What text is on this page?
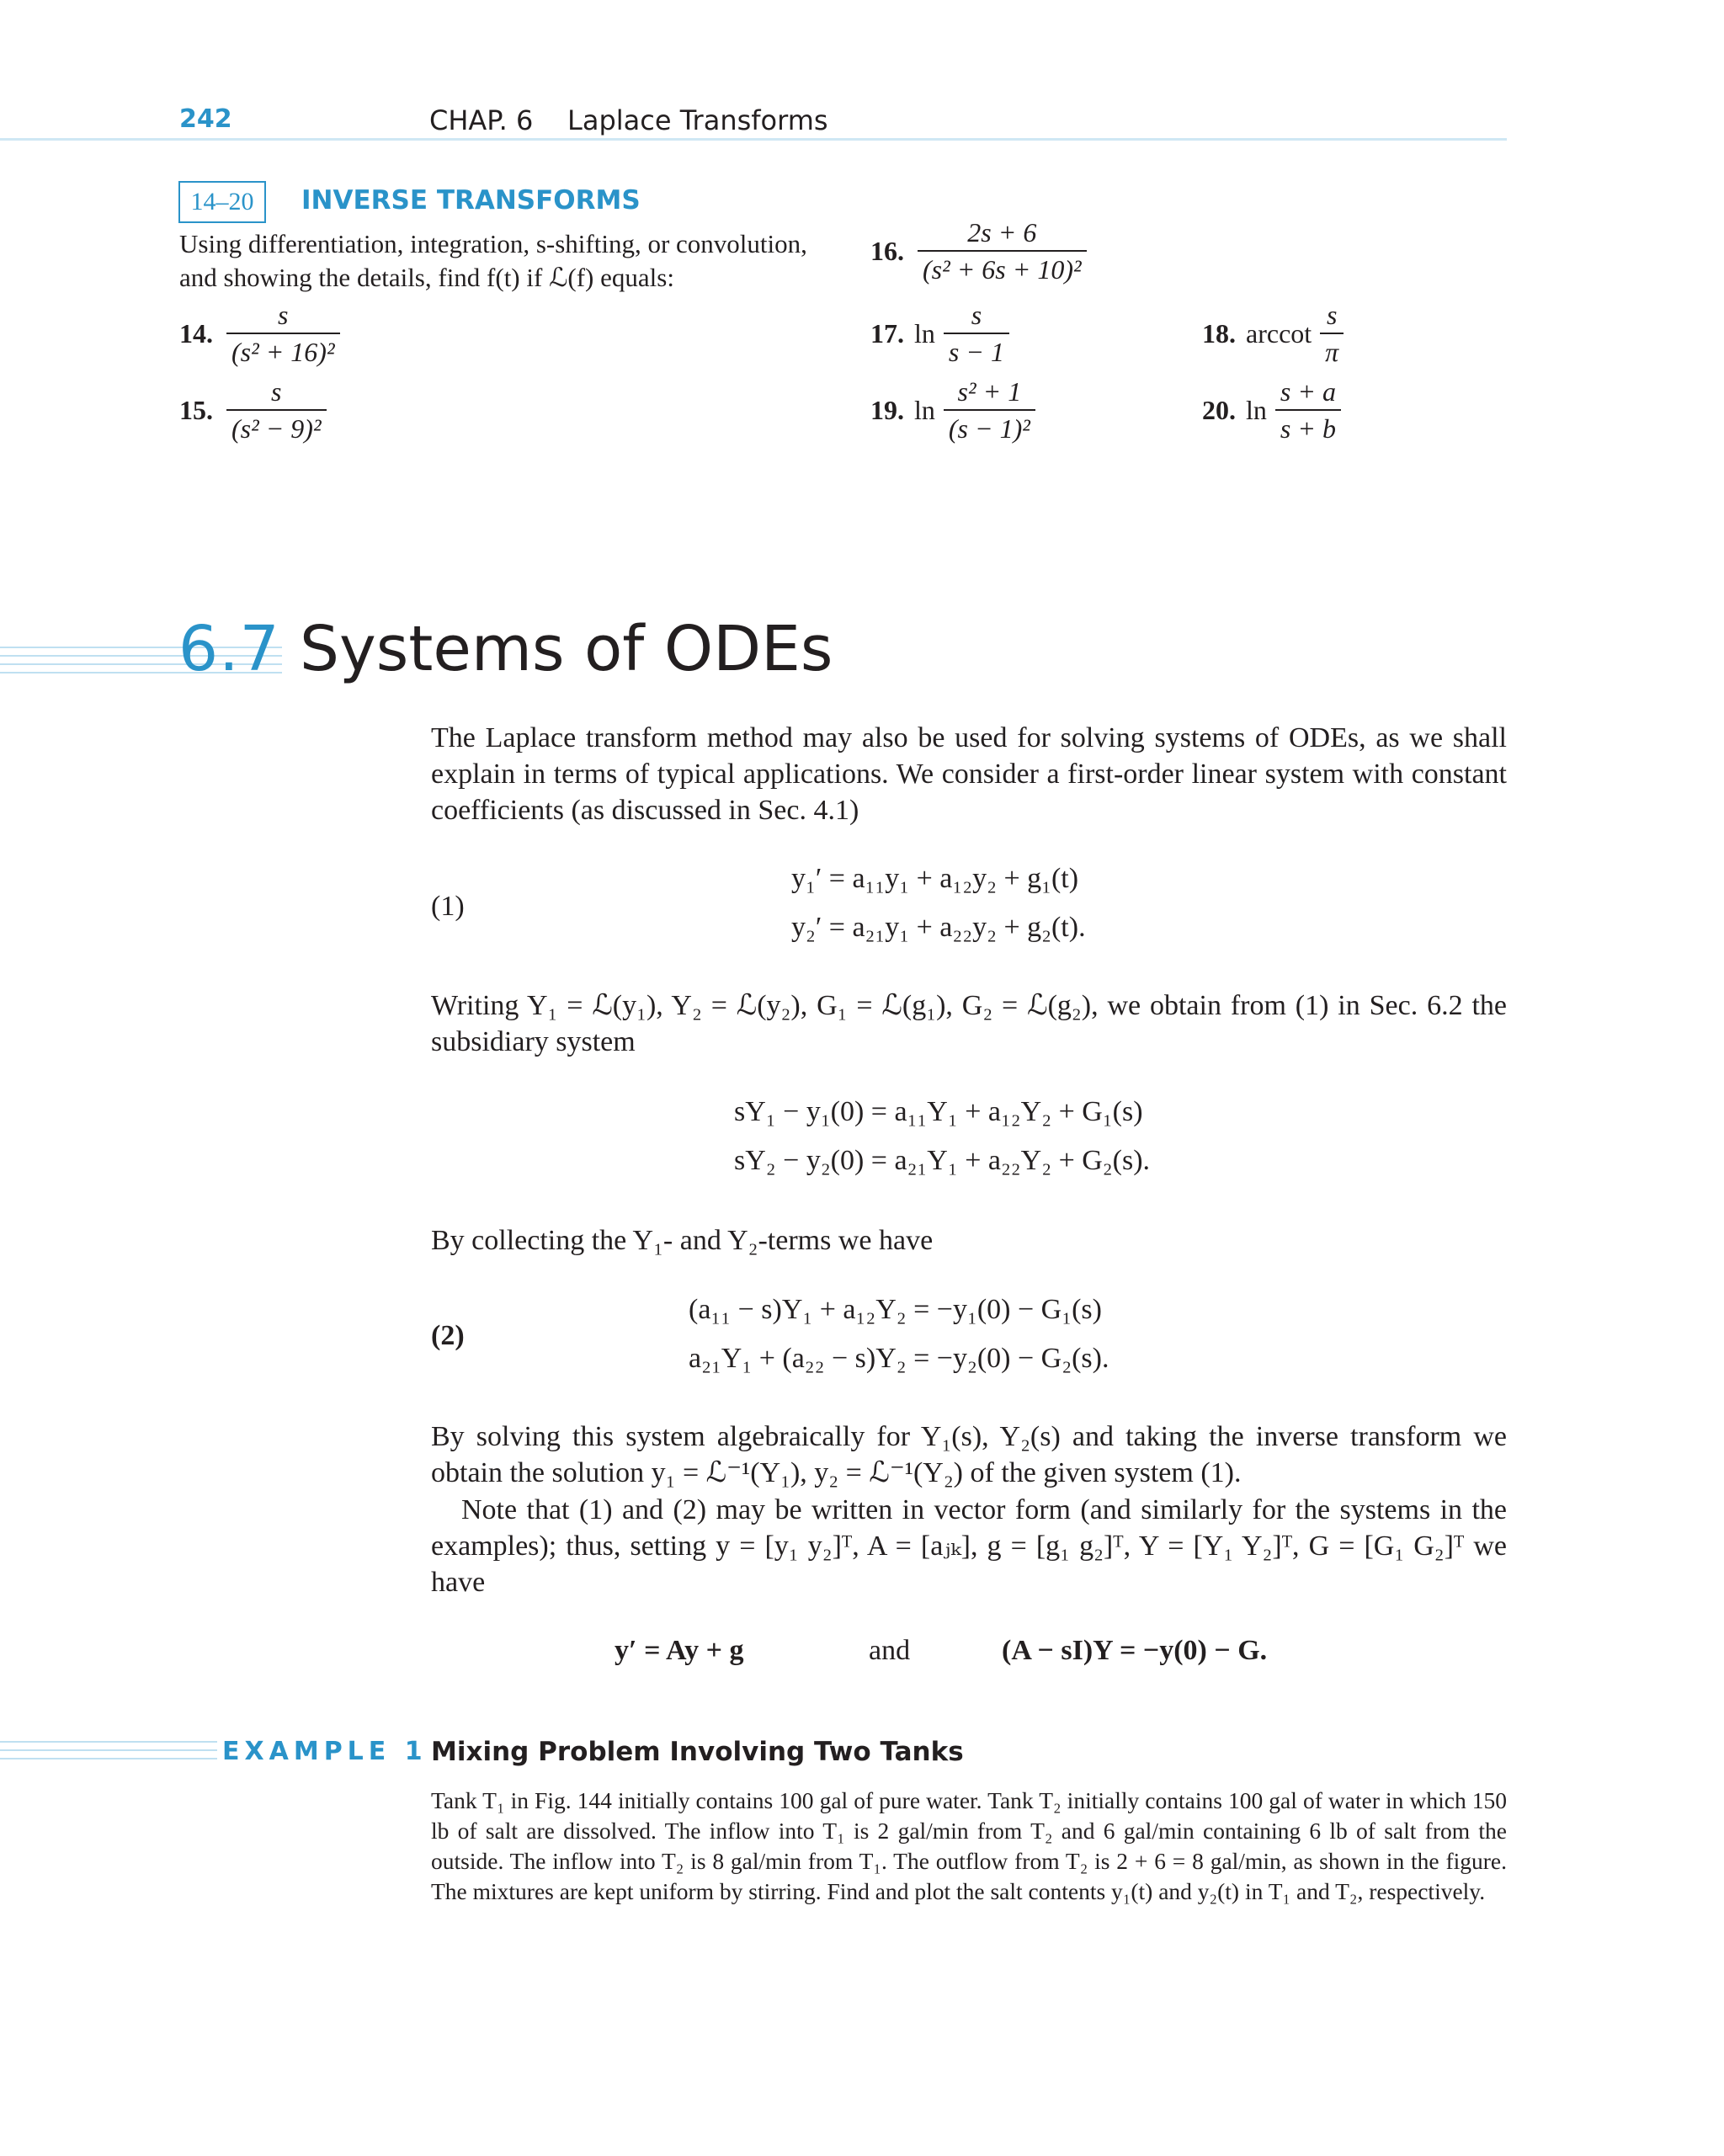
242	CHAP. 6    Laplace Transforms
14–20	INVERSE TRANSFORMS
Using differentiation, integration, s-shifting, or convolution, and showing the details, find f(t) if ℒ(f) equals:
14. $\frac{s}{\text{(s² + 16)²}}$
15. $\frac{s}{\text{(s² − 9)²}}$
16. $\frac{2s + 6}{\text{(s² + 6s + 10)²}}$
17. $\ln \frac{s}{s - 1}$	18. arccot $\frac{s}{\pi}$
19. $\ln \frac{\text{s² + 1}}{\text{(s − 1)²}}$	20. $\ln \frac{s + a}{s + b}$
6.7 Systems of ODEs
The Laplace transform method may also be used for solving systems of ODEs, as we shall explain in terms of typical applications. We consider a first-order linear system with constant coefficients (as discussed in Sec. 4.1)
(1)
y₁′ = a₁₁y₁ + a₁₂y₂ + g₁(t)
y₂′ = a₂₁y₁ + a₂₂y₂ + g₂(t).
Writing Y₁ = ℒ(y₁), Y₂ = ℒ(y₂), G₁ = ℒ(g₁), G₂ = ℒ(g₂), we obtain from (1) in Sec. 6.2 the subsidiary system
sY₁ − y₁(0) = a₁₁Y₁ + a₁₂Y₂ + G₁(s)
sY₂ − y₂(0) = a₂₁Y₁ + a₂₂Y₂ + G₂(s).
By collecting the Y₁- and Y₂-terms we have
(2)
(a₁₁ − s)Y₁ + a₁₂Y₂ = −y₁(0) − G₁(s)
a₂₁Y₁ + (a₂₂ − s)Y₂ = −y₂(0) − G₂(s).
By solving this system algebraically for Y₁(s), Y₂(s) and taking the inverse transform we obtain the solution y₁ = ℒ⁻¹(Y₁), y₂ = ℒ⁻¹(Y₂) of the given system (1).
Note that (1) and (2) may be written in vector form (and similarly for the systems in the examples); thus, setting y = [y₁ y₂]ᵀ, A = [aⱼₖ], g = [g₁ g₂]ᵀ, Y = [Y₁ Y₂]ᵀ, G = [G₁ G₂]ᵀ we have
y′ = Ay + g	and	(A − sI)Y = −y(0) − G.
EXAMPLE 1 Mixing Problem Involving Two Tanks
Tank T₁ in Fig. 144 initially contains 100 gal of pure water. Tank T₂ initially contains 100 gal of water in which 150 lb of salt are dissolved. The inflow into T₁ is 2 gal/min from T₂ and 6 gal/min containing 6 lb of salt from the outside. The inflow into T₂ is 8 gal/min from T₁. The outflow from T₂ is 2 + 6 = 8 gal/min, as shown in the figure. The mixtures are kept uniform by stirring. Find and plot the salt contents y₁(t) and y₂(t) in T₁ and T₂, respectively.
